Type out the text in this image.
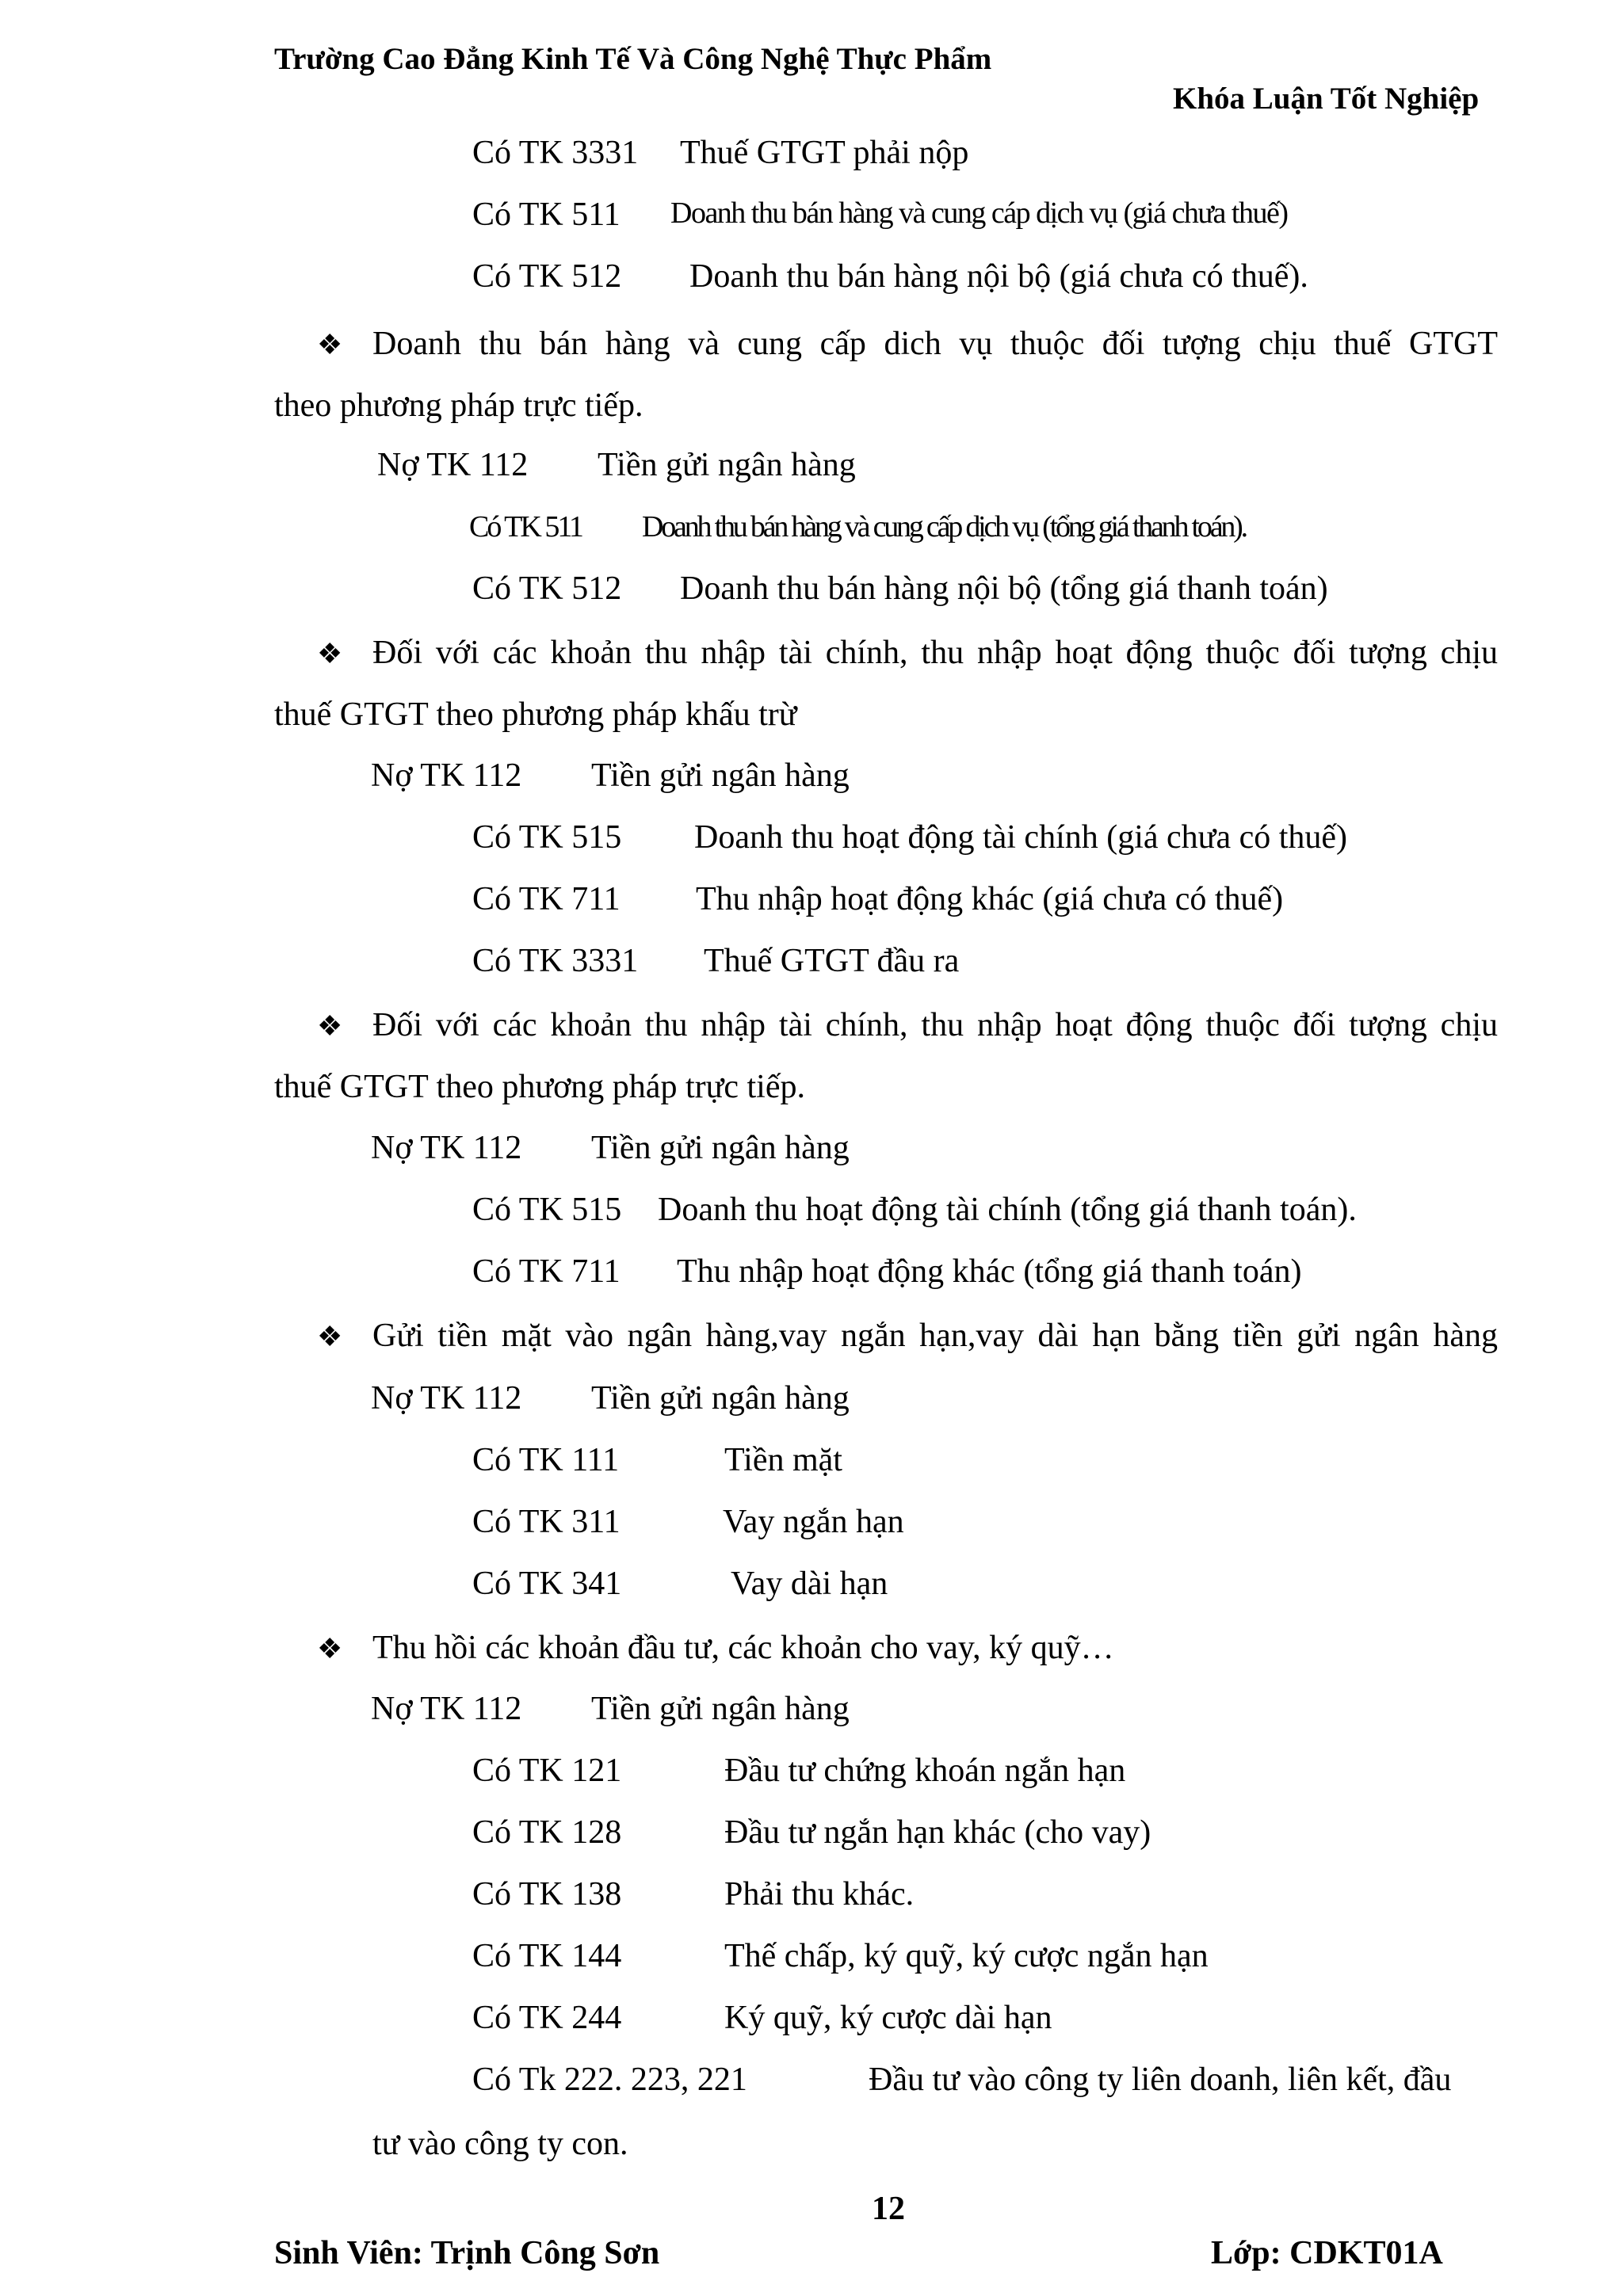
Trường Cao Đẳng Kinh Tế Và Công Nghệ Thực Phẩm
Khóa Luận Tốt Nghiệp
Có TK 3331 Thuế GTGT phải nộp
Có TK 511 Doanh thu bán hàng và cung cáp dịch vụ (giá chưa thuế)
Có TK 512 Doanh thu bán hàng nội bộ (giá chưa có thuế).
❖ Doanh thu bán hàng và cung cấp dich vụ thuộc đối tượng chịu thuế GTGT
theo phương pháp trực tiếp.
Nợ TK 112 Tiền gửi ngân hàng
Có TK 511 Doanh thu bán hàng và cung cấp dịch vụ (tổng giá thanh toán).
Có TK 512 Doanh thu bán hàng nội bộ (tổng giá thanh toán)
❖ Đối với các khoản thu nhập tài chính, thu nhập hoạt động thuộc đối tượng chịu
thuế GTGT theo phương pháp khấu trừ
Nợ TK 112 Tiền gửi ngân hàng
Có TK 515 Doanh thu hoạt động tài chính (giá chưa có thuế)
Có TK 711 Thu nhập hoạt động khác (giá chưa có thuế)
Có TK 3331 Thuế GTGT đầu ra
❖ Đối với các khoản thu nhập tài chính, thu nhập hoạt động thuộc đối tượng chịu
thuế GTGT theo phương pháp trực tiếp.
Nợ TK 112 Tiền gửi ngân hàng
Có TK 515 Doanh thu hoạt động tài chính (tổng giá thanh toán).
Có TK 711 Thu nhập hoạt động khác (tổng giá thanh toán)
❖ Gửi tiền mặt vào ngân hàng,vay ngắn hạn,vay dài hạn bằng tiền gửi ngân hàng
Nợ TK 112 Tiền gửi ngân hàng
Có TK 111	Tiền mặt
Có TK 311	Vay ngắn hạn
Có TK 341	Vay dài hạn
❖ Thu hồi các khoản đầu tư, các khoản cho vay, ký quỹ…
Nợ TK 112 Tiền gửi ngân hàng
Có TK 121	Đầu tư chứng khoán ngắn hạn
Có TK 128	Đầu tư ngắn hạn khác (cho vay)
Có TK 138	Phải thu khác.
Có TK 144	Thế chấp, ký quỹ, ký cược ngắn hạn
Có TK 244	Ký quỹ, ký cược dài hạn
Có Tk 222. 223, 221	Đầu tư vào công ty liên doanh, liên kết, đầu
tư vào công ty con.
12
Sinh Viên: Trịnh Công Sơn	Lớp: CDKT01A
